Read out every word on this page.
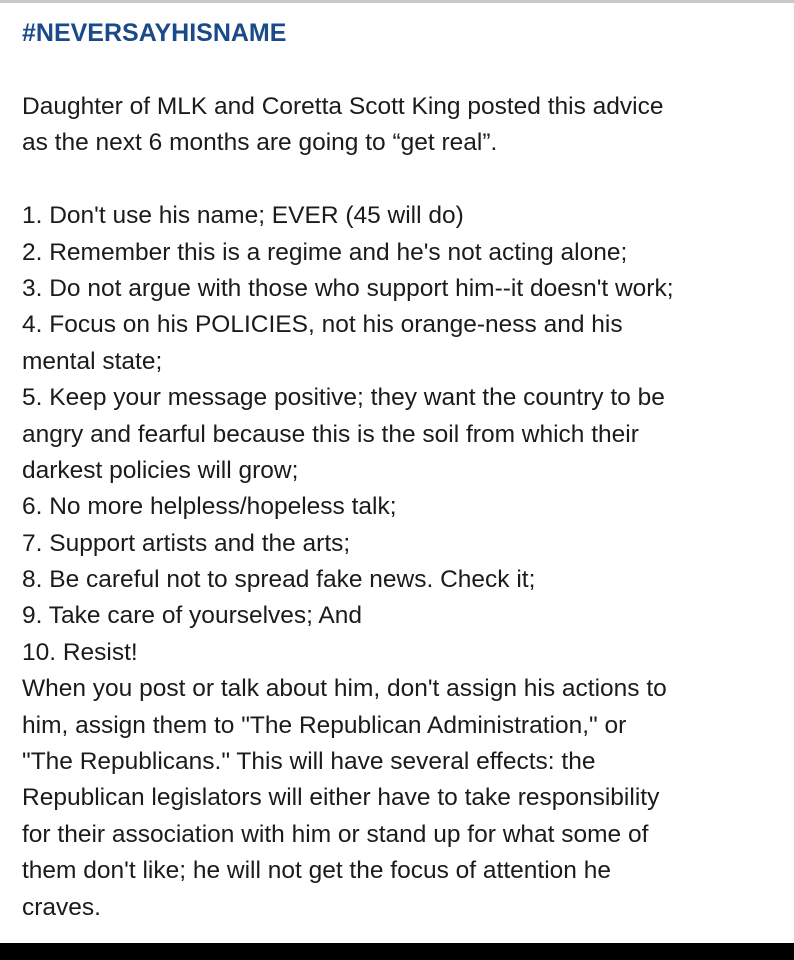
#NEVERSAYHISNAME
Daughter of MLK and Coretta Scott King posted this advice
as the next 6 months are going to “get real”.
1. Don't use his name; EVER (45 will do)
2. Remember this is a regime and he's not acting alone;
3. Do not argue with those who support him--it doesn't work;
4. Focus on his POLICIES, not his orange-ness and his
mental state;
5. Keep your message positive; they want the country to be
angry and fearful because this is the soil from which their
darkest policies will grow;
6. No more helpless/hopeless talk;
7. Support artists and the arts;
8. Be careful not to spread fake news. Check it;
9. Take care of yourselves; And
10. Resist!
When you post or talk about him, don't assign his actions to
him, assign them to "The Republican Administration," or
"The Republicans." This will have several effects: the
Republican legislators will either have to take responsibility
for their association with him or stand up for what some of
them don't like; he will not get the focus of attention he
craves.
